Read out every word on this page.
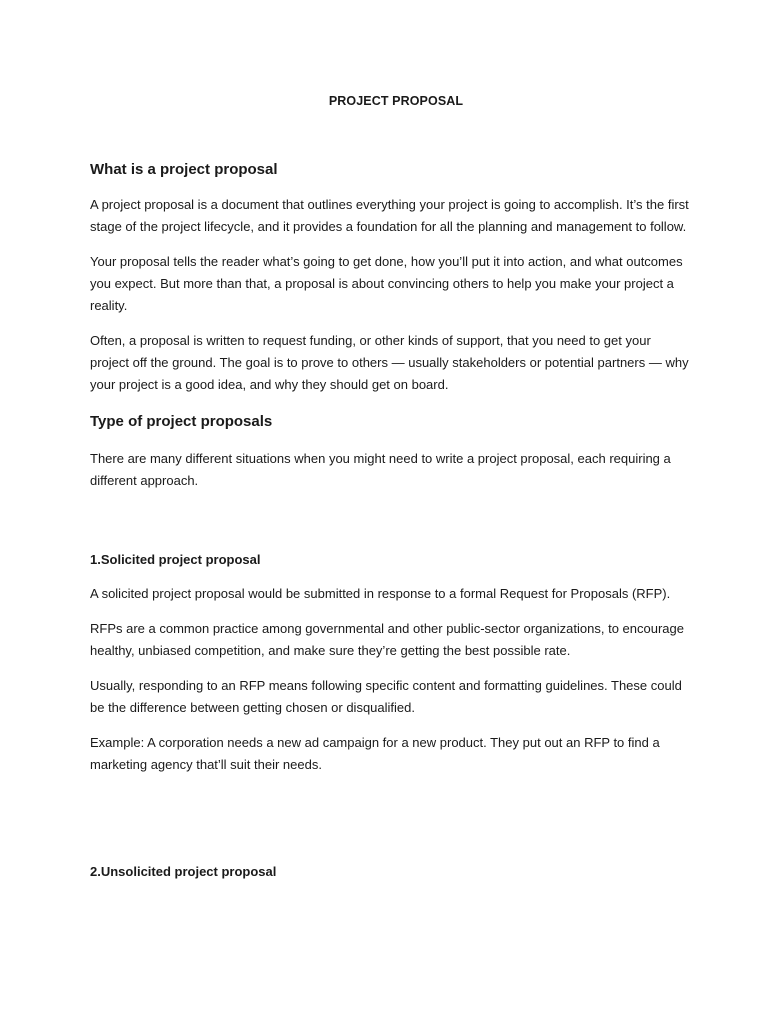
PROJECT PROPOSAL
What is a project proposal

A project proposal is a document that outlines everything your project is going to accomplish. It’s the first stage of the project lifecycle, and it provides a foundation for all the planning and management to follow.

Your proposal tells the reader what’s going to get done, how you’ll put it into action, and what outcomes you expect. But more than that, a proposal is about convincing others to help you make your project a reality.

Often, a proposal is written to request funding, or other kinds of support, that you need to get your project off the ground. The goal is to prove to others — usually stakeholders or potential partners — why your project is a good idea, and why they should get on board.

Type of project proposals

There are many different situations when you might need to write a project proposal, each requiring a different approach.

1.Solicited project proposal

A solicited project proposal would be submitted in response to a formal Request for Proposals (RFP).

RFPs are a common practice among governmental and other public-sector organizations, to encourage healthy, unbiased competition, and make sure they’re getting the best possible rate.

Usually, responding to an RFP means following specific content and formatting guidelines. These could be the difference between getting chosen or disqualified.

Example: A corporation needs a new ad campaign for a new product. They put out an RFP to find a marketing agency that’ll suit their needs.

2.Unsolicited project proposal
